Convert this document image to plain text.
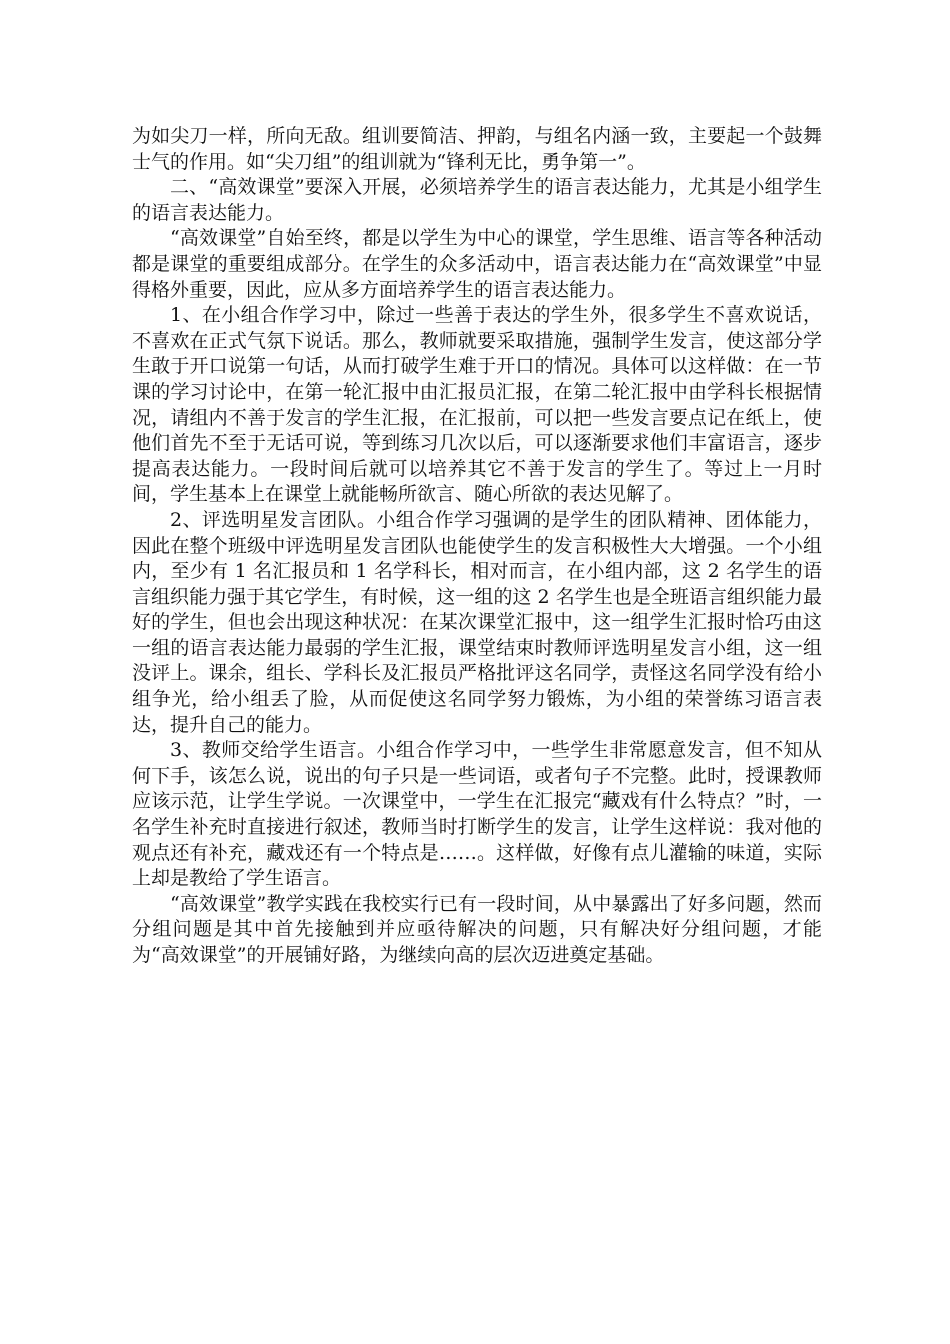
为如尖刀一样，所向无敌。组训要简洁、押韵，与组名内涵一致，主要起一个鼓舞士气的作用。如“尖刀组”的组训就为“锋利无比，勇争第一”。

二、“高效课堂”要深入开展，必须培养学生的语言表达能力，尤其是小组学生的语言表达能力。

“高效课堂”自始至终，都是以学生为中心的课堂，学生思维、语言等各种活动都是课堂的重要组成部分。在学生的众多活动中，语言表达能力在“高效课堂”中显得格外重要，因此，应从多方面培养学生的语言表达能力。

1、在小组合作学习中，除过一些善于表达的学生外，很多学生不喜欢说话，不喜欢在正式气氛下说话。那么，教师就要采取措施，强制学生发言，使这部分学生敢于开口说第一句话，从而打破学生难于开口的情况。具体可以这样做：在一节课的学习讨论中，在第一轮汇报中由汇报员汇报，在第二轮汇报中由学科长根据情况，请组内不善于发言的学生汇报，在汇报前，可以把一些发言要点记在纸上，使他们首先不至于无话可说，等到练习几次以后，可以逐渐要求他们丰富语言，逐步提高表达能力。一段时间后就可以培养其它不善于发言的学生了。等过上一月时间，学生基本上在课堂上就能畅所欲言、随心所欲的表达见解了。

2、评选明星发言团队。小组合作学习强调的是学生的团队精神、团体能力，因此在整个班级中评选明星发言团队也能使学生的发言积极性大大增强。一个小组内，至少有 1 名汇报员和 1 名学科长，相对而言，在小组内部，这 2 名学生的语言组织能力强于其它学生，有时候，这一组的这 2 名学生也是全班语言组织能力最好的学生，但也会出现这种状况：在某次课堂汇报中，这一组学生汇报时恰巧由这一组的语言表达能力最弱的学生汇报，课堂结束时教师评选明星发言小组，这一组没评上。课余，组长、学科长及汇报员严格批评这名同学，责怪这名同学没有给小组争光，给小组丢了脸，从而促使这名同学努力锻炼，为小组的荣誉练习语言表达，提升自己的能力。

3、教师交给学生语言。小组合作学习中，一些学生非常愿意发言，但不知从何下手，该怎么说，说出的句子只是一些词语，或者句子不完整。此时，授课教师应该示范，让学生学说。一次课堂中，一学生在汇报完“藏戏有什么特点？”时，一名学生补充时直接进行叙述，教师当时打断学生的发言，让学生这样说：我对他的观点还有补充，藏戏还有一个特点是……。这样做，好像有点儿灌输的味道，实际上却是教给了学生语言。

“高效课堂”教学实践在我校实行已有一段时间，从中暴露出了好多问题，然而分组问题是其中首先接触到并应亟待解决的问题，只有解决好分组问题，才能为“高效课堂”的开展铺好路，为继续向高的层次迈进奠定基础。
